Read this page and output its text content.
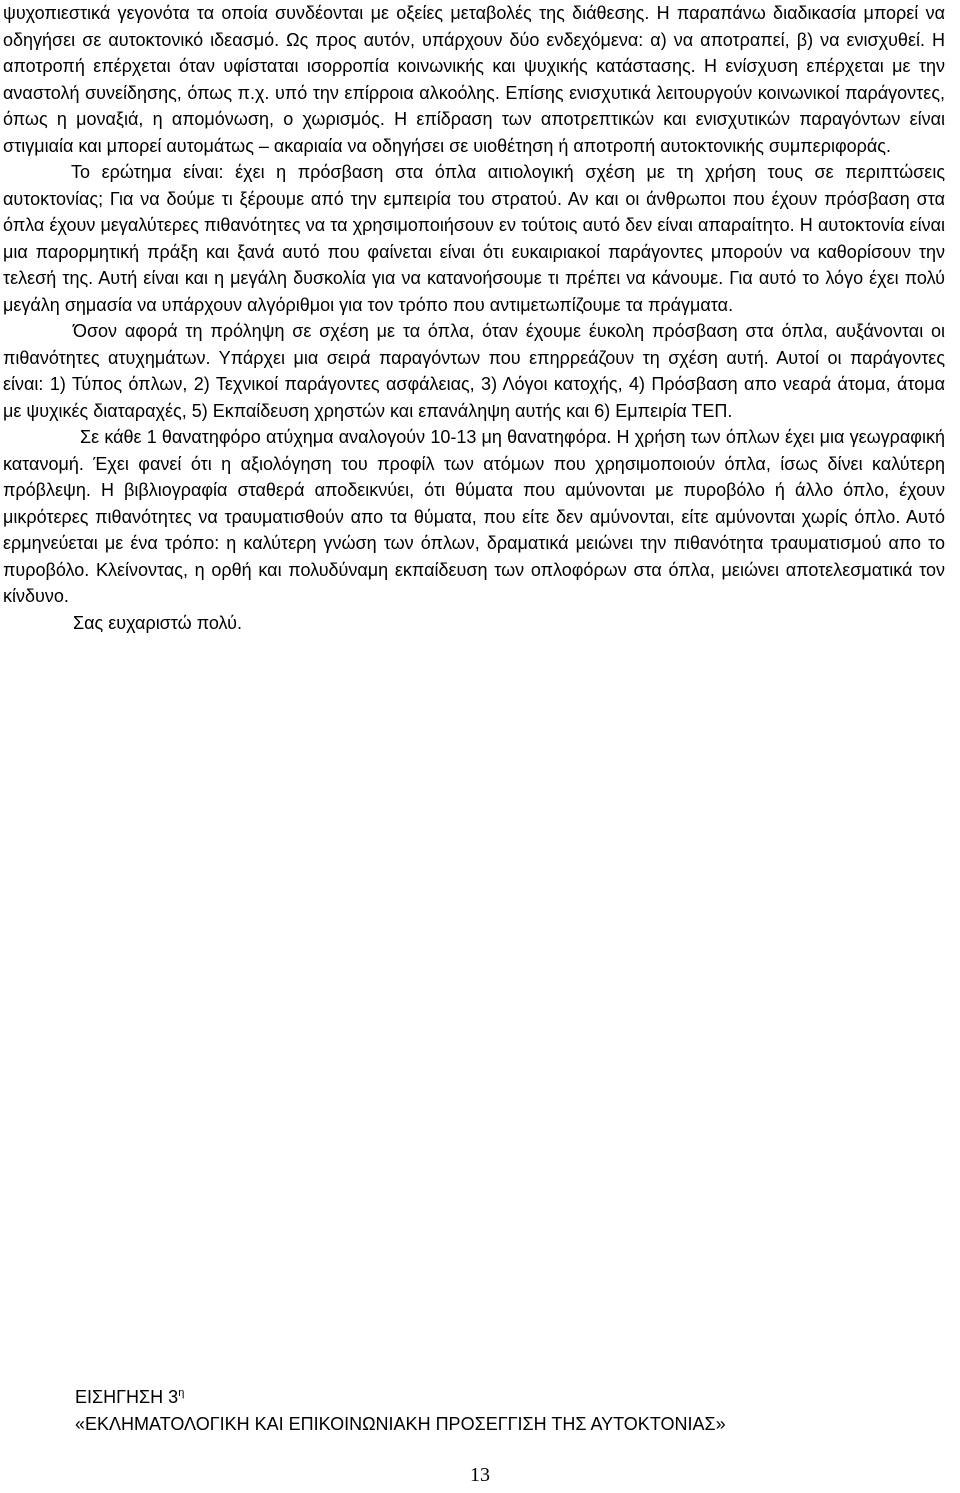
ψυχοπιεστικά γεγονότα τα οποία συνδέονται με οξείες μεταβολές της διάθεσης. Η παραπάνω διαδικασία μπορεί να οδηγήσει σε αυτοκτονικό ιδεασμό. Ως προς αυτόν, υπάρχουν δύο ενδεχόμενα: α) να αποτραπεί, β) να ενισχυθεί. Η αποτροπή επέρχεται όταν υφίσταται ισορροπία κοινωνικής και ψυχικής κατάστασης. Η ενίσχυση επέρχεται με την αναστολή συνείδησης, όπως π.χ. υπό την επίρροια αλκοόλης. Επίσης ενισχυτικά λειτουργούν κοινωνικοί παράγοντες, όπως η μοναξιά, η απομόνωση, ο χωρισμός. Η επίδραση των αποτρεπτικών και ενισχυτικών παραγόντων είναι στιγμιαία και μπορεί αυτομάτως – ακαριαία να οδηγήσει σε υιοθέτηση ή αποτροπή αυτοκτονικής συμπεριφοράς.

Το ερώτημα είναι: έχει η πρόσβαση στα όπλα αιτιολογική σχέση με τη χρήση τους σε περιπτώσεις αυτοκτονίας; Για να δούμε τι ξέρουμε από την εμπειρία του στρατού. Αν και οι άνθρωποι που έχουν πρόσβαση στα όπλα έχουν μεγαλύτερες πιθανότητες να τα χρησιμοποιήσουν εν τούτοις αυτό δεν είναι απαραίτητο. Η αυτοκτονία είναι μια παρορμητική πράξη και ξανά αυτό που φαίνεται είναι ότι ευκαιριακοί παράγοντες μπορούν να καθορίσουν την τελεσή της. Αυτή είναι και η μεγάλη δυσκολία για να κατανοήσουμε τι πρέπει να κάνουμε. Για αυτό το λόγο έχει πολύ μεγάλη σημασία να υπάρχουν αλγόριθμοι για τον τρόπο που αντιμετωπίζουμε τα πράγματα.

Όσον αφορά τη πρόληψη σε σχέση με τα όπλα, όταν έχουμε έυκολη πρόσβαση στα όπλα, αυξάνονται οι πιθανότητες ατυχημάτων. Υπάρχει μια σειρά παραγόντων που επηρρεάζουν τη σχέση αυτή. Αυτοί οι παράγοντες είναι: 1) Τύπος όπλων, 2) Τεχνικοί παράγοντες ασφάλειας, 3) Λόγοι κατοχής, 4) Πρόσβαση απο νεαρά άτομα, άτομα με ψυχικές διαταραχές, 5) Εκπαίδευση χρηστών και επανάληψη αυτής και 6) Εμπειρία ΤΕΠ.

Σε κάθε 1 θανατηφόρο ατύχημα αναλογούν 10-13 μη θανατηφόρα. Η χρήση των όπλων έχει μια γεωγραφική κατανομή. Έχει φανεί ότι η αξιολόγηση του προφίλ των ατόμων που χρησιμοποιούν όπλα, ίσως δίνει καλύτερη πρόβλεψη. Η βιβλιογραφία σταθερά αποδεικνύει, ότι θύματα που αμύνονται με πυροβόλο ή άλλο όπλο, έχουν μικρότερες πιθανότητες να τραυματισθούν απο τα θύματα, που είτε δεν αμύνονται, είτε αμύνονται χωρίς όπλο. Αυτό ερμηνεύεται με ένα τρόπο: η καλύτερη γνώση των όπλων, δραματικά μειώνει την πιθανότητα τραυματισμού απο το πυροβόλο. Κλείνοντας, η ορθή και πολυδύναμη εκπαίδευση των οπλοφόρων στα όπλα, μειώνει αποτελεσματικά τον κίνδυνο.

Σας ευχαριστώ πολύ.

ΕΙΣΗΓΗΣΗ $3^\eta$

«ΕΚΛΗΜΑΤΟΛΟΓΙΚΗ ΚΑΙ ΕΠΙΚΟΙΝΩΝΙΑΚΗ ΠΡΟΣΕΓΓΙΣΗ ΤΗΣ ΑΥΤΟΚΤΟΝΙΑΣ»

13
